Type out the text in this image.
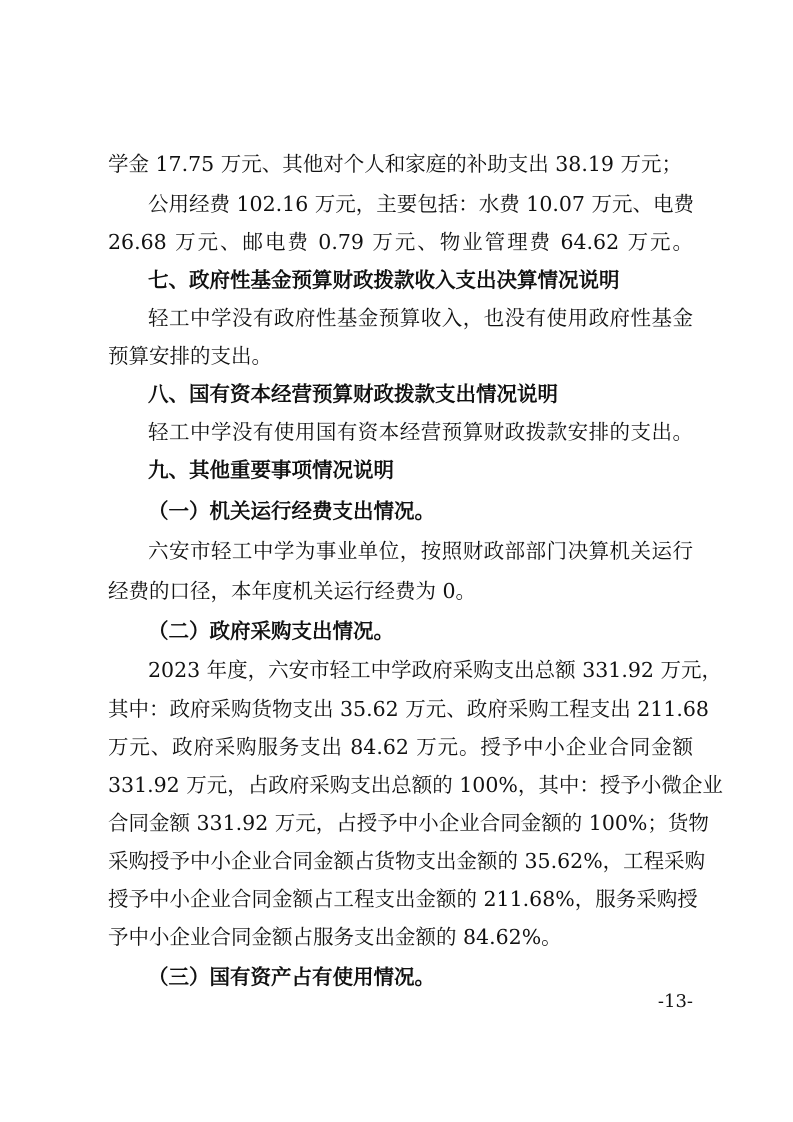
学金 17.75 万元、其他对个人和家庭的补助支出 38.19 万元；
公用经费 102.16 万元，主要包括：水费 10.07 万元、电费
26.68 万元、邮电费 0.79 万元、物业管理费 64.62 万元。
七、政府性基金预算财政拨款收入支出决算情况说明
轻工中学没有政府性基金预算收入，也没有使用政府性基金
预算安排的支出。
八、国有资本经营预算财政拨款支出情况说明
轻工中学没有使用国有资本经营预算财政拨款安排的支出。
九、其他重要事项情况说明
（一）机关运行经费支出情况。
六安市轻工中学为事业单位，按照财政部部门决算机关运行
经费的口径，本年度机关运行经费为 0。
（二）政府采购支出情况。
2023 年度，六安市轻工中学政府采购支出总额 331.92 万元，
其中：政府采购货物支出 35.62 万元、政府采购工程支出 211.68
万元、政府采购服务支出 84.62 万元。授予中小企业合同金额
331.92 万元，占政府采购支出总额的 100%，其中：授予小微企业
合同金额 331.92 万元，占授予中小企业合同金额的 100%；货物
采购授予中小企业合同金额占货物支出金额的 35.62%，工程采购
授予中小企业合同金额占工程支出金额的 211.68%，服务采购授
予中小企业合同金额占服务支出金额的 84.62%。
（三）国有资产占有使用情况。
-13-
